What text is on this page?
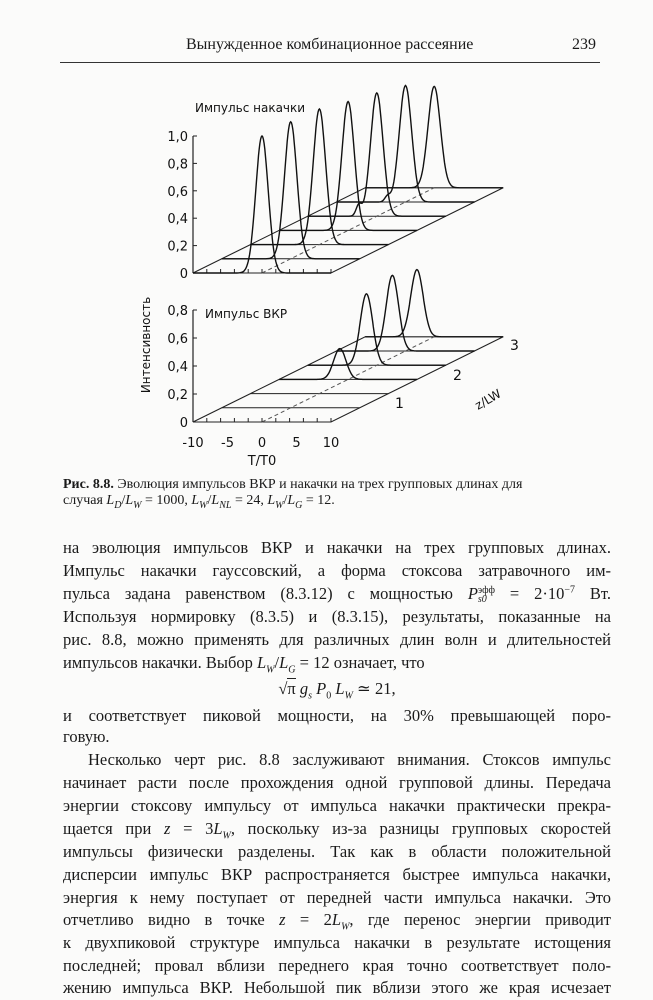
Вынужденное комбинационное рассеяние	239
0
0,2
0,4
0,6
0,8
1,0
Импульс накачки
0
0,2
0,4
0,6
0,8 Импульс ВКР
-10 -5 0 5 10
T/T0
Интенсивность
1
2
3
z/LW
Рис. 8.8. Эволюция импульсов ВКР и накачки на трех групповых длинах для
случая $L_D/L_W = 1000$, $L_W/L_{NL} = 24$, $L_W/L_G = 12$.
на эволюция импульсов ВКР и накачки на трех групповых длинах.
Импульс накачки гауссовский, а форма стоксова затравочного им-
пульса задана равенством (8.3.12) с мощностью Pэфф
$s0 = 2\cdot 10^{-7}$ Вт.
Используя нормировку (8.3.5) и (8.3.15), результаты, показанные на
рис. 8.8, можно применять для различных длин волн и длительностей
импульсов накачки. Выбор $L_W/L_G = 12$ означает, что
√π $g_s$ $P_0$ $L_W$ ≃ 21,
и соответствует пиковой мощности, на 30% превышающей поро-
говую.
Несколько черт рис. 8.8 заслуживают внимания. Стоксов импульс
начинает расти после прохождения одной групповой длины. Передача
энергии стоксову импульсу от импульса накачки практически прекра-
щается при $z = 3L_W$, поскольку из-за разницы групповых скоростей
импульсы физически разделены. Так как в области положительной
дисперсии импульс ВКР распространяется быстрее импульса накачки,
энергия к нему поступает от передней части импульса накачки. Это
отчетливо видно в точке $z = 2L_W$, где перенос энергии приводит
к двухпиковой структуре импульса накачки в результате истощения
последней; провал вблизи переднего края точно соответствует поло-
жению импульса ВКР. Небольшой пик вблизи этого же края исчезает
